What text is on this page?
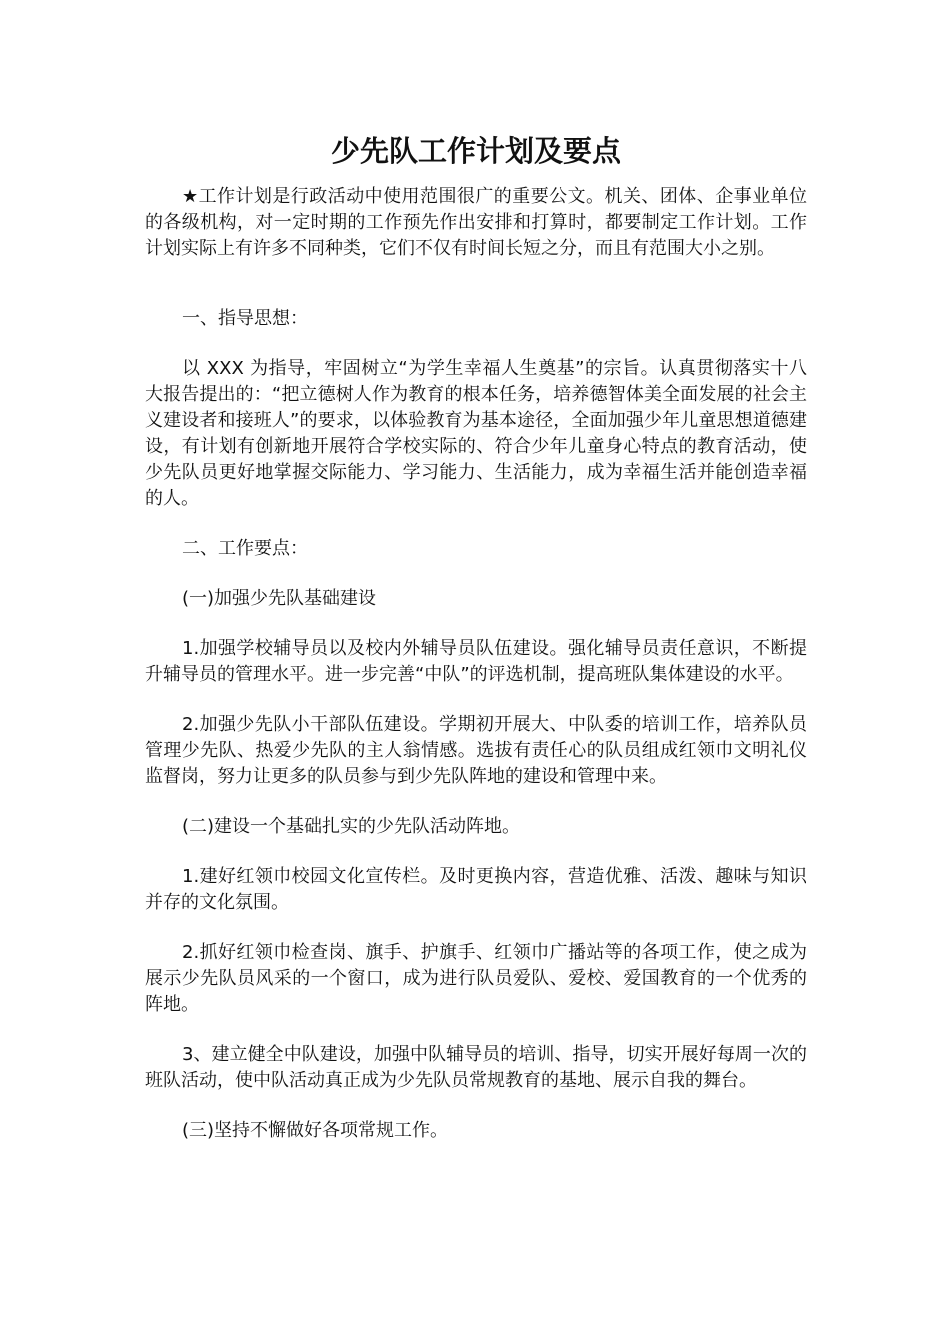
少先队工作计划及要点

★工作计划是行政活动中使用范围很广的重要公文。机关、团体、企事业单位的各级机构，对一定时期的工作预先作出安排和打算时，都要制定工作计划。工作计划实际上有许多不同种类，它们不仅有时间长短之分，而且有范围大小之别。

一、指导思想：

以 XXX 为指导，牢固树立“为学生幸福人生奠基”的宗旨。认真贯彻落实十八大报告提出的：“把立德树人作为教育的根本任务，培养德智体美全面发展的社会主义建设者和接班人”的要求，以体验教育为基本途径，全面加强少年儿童思想道德建设，有计划有创新地开展符合学校实际的、符合少年儿童身心特点的教育活动，使少先队员更好地掌握交际能力、学习能力、生活能力，成为幸福生活并能创造幸福的人。

二、工作要点：

(一)加强少先队基础建设

1.加强学校辅导员以及校内外辅导员队伍建设。强化辅导员责任意识，不断提升辅导员的管理水平。进一步完善“中队”的评选机制，提高班队集体建设的水平。

2.加强少先队小干部队伍建设。学期初开展大、中队委的培训工作，培养队员管理少先队、热爱少先队的主人翁情感。选拔有责任心的队员组成红领巾文明礼仪监督岗，努力让更多的队员参与到少先队阵地的建设和管理中来。

(二)建设一个基础扎实的少先队活动阵地。

1.建好红领巾校园文化宣传栏。及时更换内容，营造优雅、活泼、趣味与知识并存的文化氛围。

2.抓好红领巾检查岗、旗手、护旗手、红领巾广播站等的各项工作，使之成为展示少先队员风采的一个窗口，成为进行队员爱队、爱校、爱国教育的一个优秀的阵地。

3、建立健全中队建设，加强中队辅导员的培训、指导，切实开展好每周一次的班队活动，使中队活动真正成为少先队员常规教育的基地、展示自我的舞台。

(三)坚持不懈做好各项常规工作。
